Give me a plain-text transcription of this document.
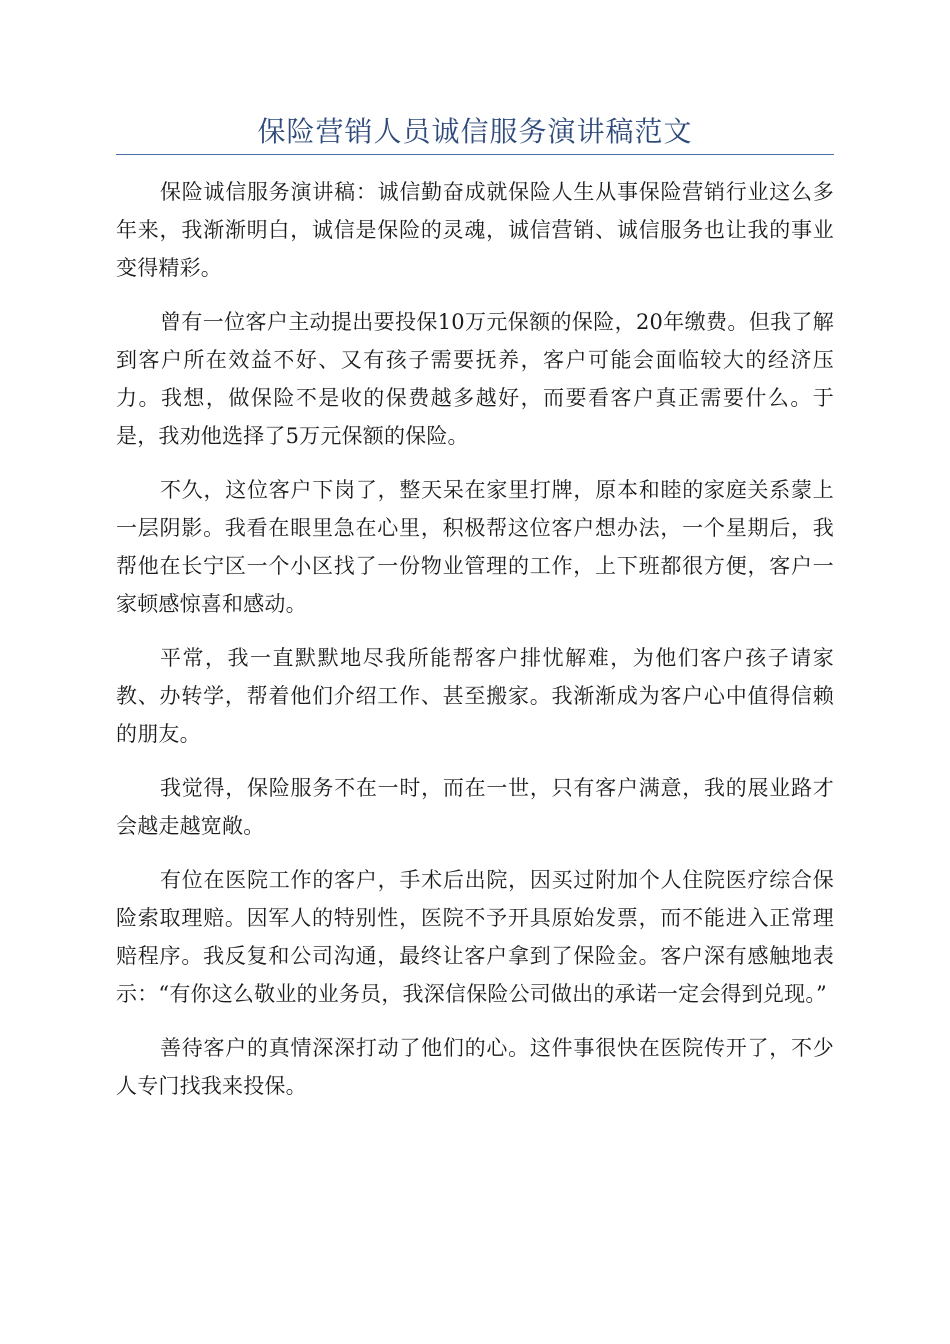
保险营销人员诚信服务演讲稿范文

保险诚信服务演讲稿：诚信勤奋成就保险人生从事保险营销行业这么多年来，我渐渐明白，诚信是保险的灵魂，诚信营销、诚信服务也让我的事业变得精彩。

曾有一位客户主动提出要投保10万元保额的保险，20年缴费。但我了解到客户所在效益不好、又有孩子需要抚养，客户可能会面临较大的经济压力。我想，做保险不是收的保费越多越好，而要看客户真正需要什么。于是，我劝他选择了5万元保额的保险。

不久，这位客户下岗了，整天呆在家里打牌，原本和睦的家庭关系蒙上一层阴影。我看在眼里急在心里，积极帮这位客户想办法，一个星期后，我帮他在长宁区一个小区找了一份物业管理的工作，上下班都很方便，客户一家顿感惊喜和感动。

平常，我一直默默地尽我所能帮客户排忧解难，为他们客户孩子请家教、办转学，帮着他们介绍工作、甚至搬家。我渐渐成为客户心中值得信赖的朋友。

我觉得，保险服务不在一时，而在一世，只有客户满意，我的展业路才会越走越宽敞。

有位在医院工作的客户，手术后出院，因买过附加个人住院医疗综合保险索取理赔。因军人的特别性，医院不予开具原始发票，而不能进入正常理赔程序。我反复和公司沟通，最终让客户拿到了保险金。客户深有感触地表示：“有你这么敬业的业务员，我深信保险公司做出的承诺一定会得到兑现。”

善待客户的真情深深打动了他们的心。这件事很快在医院传开了，不少人专门找我来投保。
